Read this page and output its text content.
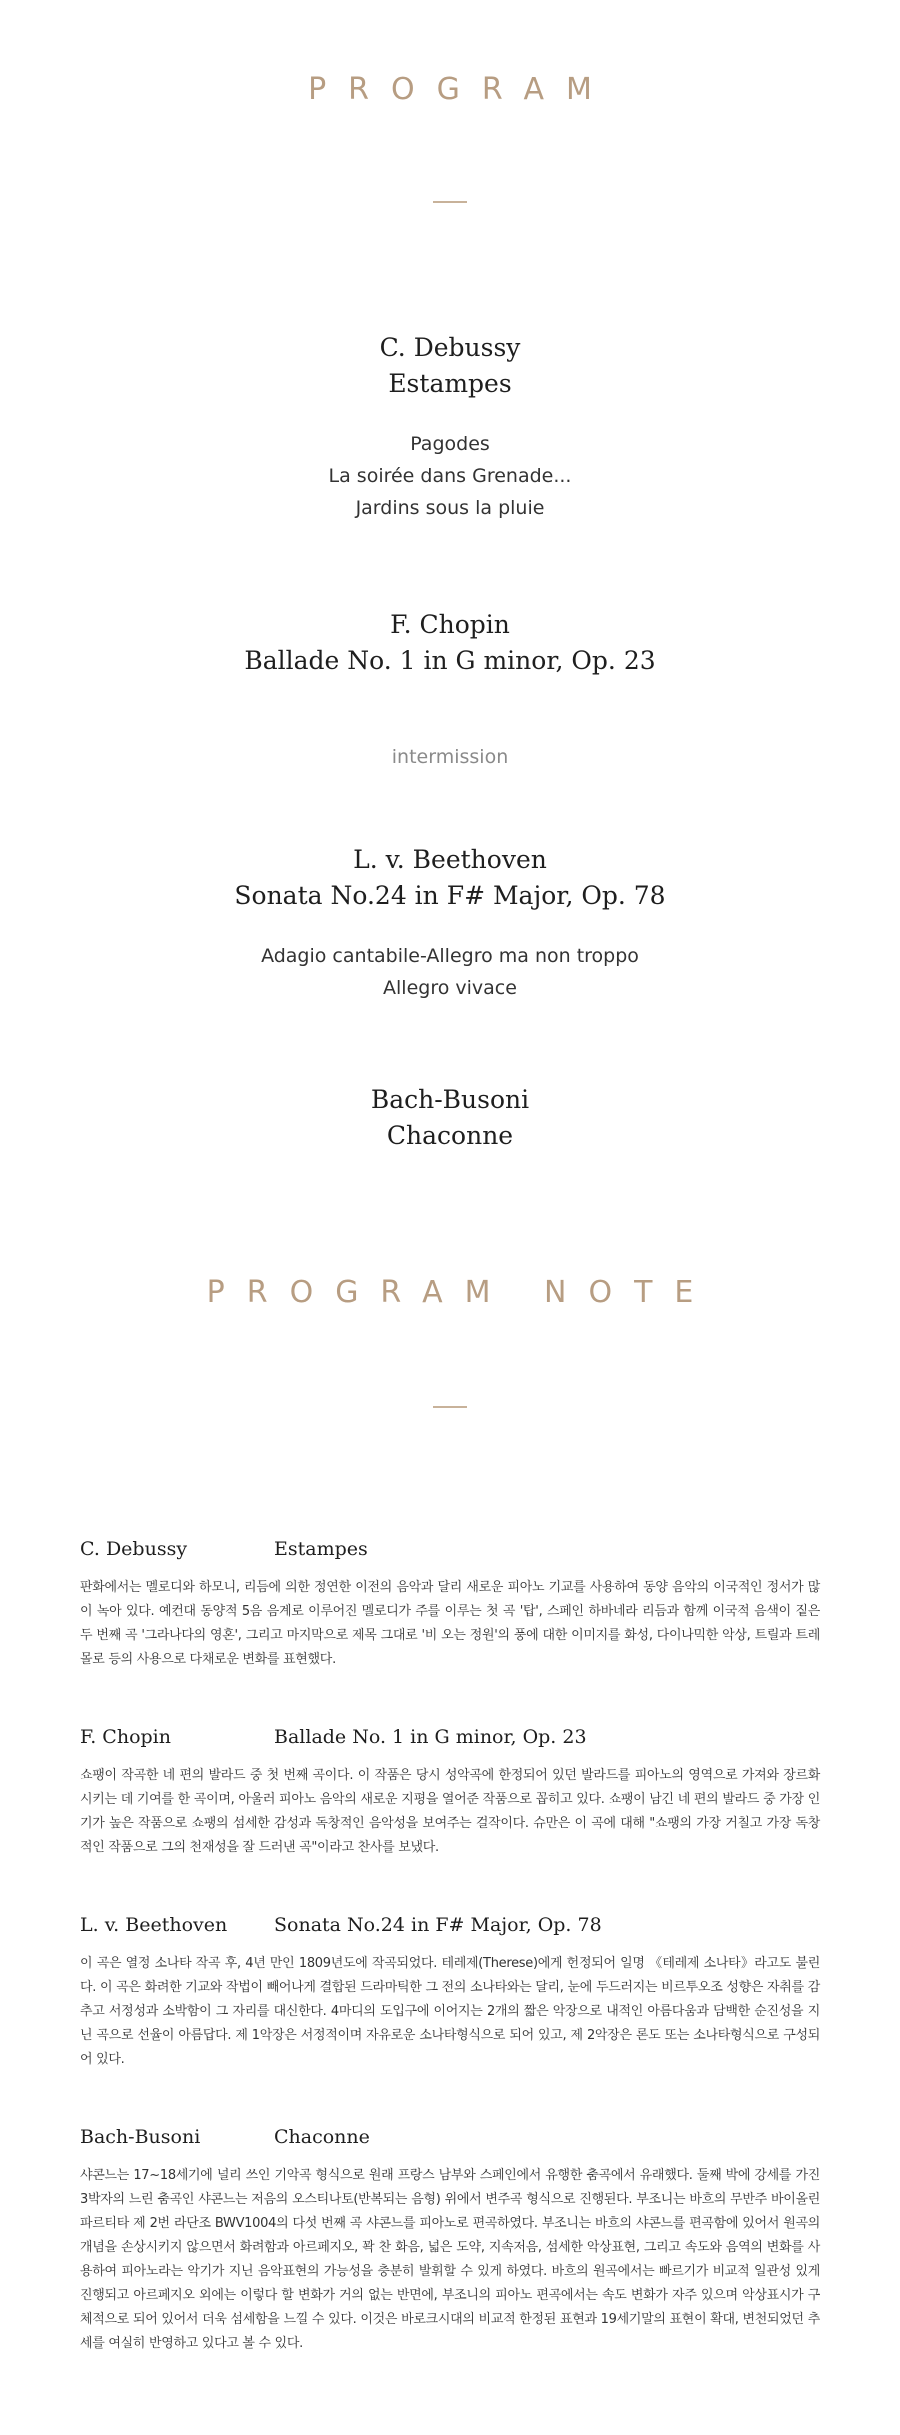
PROGRAM

C. Debussy

Estampes

Pagodes

La soirée dans Grenade...

Jardins sous la pluie

F. Chopin

Ballade No. 1 in G minor, Op. 23

intermission

L. v. Beethoven

Sonata No.24 in F# Major, Op. 78

Adagio cantabile-Allegro ma non troppo

Allegro vivace

Bach-Busoni

Chaconne

PROGRAM NOTE
C. Debussy	Estampes

판화에서는 멜로디와 하모니, 리듬에 의한 정연한 이전의 음악과 달리 새로운 피아노 기교를 사용하여 동양 음악의 이국적인 정서가 많이 녹아 있다. 예컨대 동양적 5음 음계로 이루어진 멜로디가 주를 이루는 첫 곡 '탑', 스페인 하바네라 리듬과 함께 이국적 음색이 짙은 두 번째 곡 '그라나다의 영혼', 그리고 마지막으로 제목 그대로 '비 오는 정원'의 풍에 대한 이미지를 화성, 다이나믹한 악상, 트릴과 트레몰로 등의 사용으로 다채로운 변화를 표현했다.

F. Chopin	Ballade No. 1 in G minor, Op. 23

쇼팽이 작곡한 네 편의 발라드 중 첫 번째 곡이다. 이 작품은 당시 성악곡에 한정되어 있던 발라드를 피아노의 영역으로 가져와 장르화 시키는 데 기여를 한 곡이며, 아울러 피아노 음악의 새로운 지평을 열어준 작품으로 꼽히고 있다. 쇼팽이 남긴 네 편의 발라드 중 가장 인기가 높은 작품으로 쇼팽의 섬세한 감성과 독창적인 음악성을 보여주는 걸작이다. 슈만은 이 곡에 대해 "쇼팽의 가장 거칠고 가장 독창적인 작품으로 그의 천재성을 잘 드러낸 곡"이라고 찬사를 보냈다.

L. v. Beethoven	Sonata No.24 in F# Major, Op. 78

이 곡은 열정 소나타 작곡 후, 4년 만인 1809년도에 작곡되었다. 테레제(Therese)에게 헌정되어 일명 《테레제 소나타》라고도 불린다. 이 곡은 화려한 기교와 작법이 빼어나게 결합된 드라마틱한 그 전의 소나타와는 달리, 눈에 두드러지는 비르투오조 성향은 자취를 감추고 서정성과 소박함이 그 자리를 대신한다. 4마디의 도입구에 이어지는 2개의 짧은 악장으로 내적인 아름다움과 담백한 순진성을 지닌 곡으로 선율이 아름답다. 제 1악장은 서정적이며 자유로운 소나타형식으로 되어 있고, 제 2악장은 론도 또는 소나타형식으로 구성되어 있다.

Bach-Busoni	Chaconne

샤콘느는 17~18세기에 널리 쓰인 기악곡 형식으로 원래 프랑스 남부와 스페인에서 유행한 춤곡에서 유래했다. 둘째 박에 강세를 가진 3박자의 느린 춤곡인 샤콘느는 저음의 오스티나토(반복되는 음형) 위에서 변주곡 형식으로 진행된다. 부조니는 바흐의 무반주 바이올린 파르티타 제 2번 라단조 BWV1004의 다섯 번째 곡 샤콘느를 피아노로 편곡하였다. 부조니는 바흐의 샤콘느를 편곡함에 있어서 원곡의 개념을 손상시키지 않으면서 화려함과 아르페지오, 꽉 찬 화음, 넓은 도약, 지속저음, 섬세한 악상표현, 그리고 속도와 음역의 변화를 사용하여 피아노라는 악기가 지닌 음악표현의 가능성을 충분히 발휘할 수 있게 하였다. 바흐의 원곡에서는 빠르기가 비교적 일관성 있게 진행되고 아르페지오 외에는 이렇다 할 변화가 거의 없는 반면에, 부조니의 피아노 편곡에서는 속도 변화가 자주 있으며 악상표시가 구체적으로 되어 있어서 더욱 섬세함을 느낄 수 있다. 이것은 바로크시대의 비교적 한정된 표현과 19세기말의 표현이 확대, 변천되었던 추세를 여실히 반영하고 있다고 볼 수 있다.
